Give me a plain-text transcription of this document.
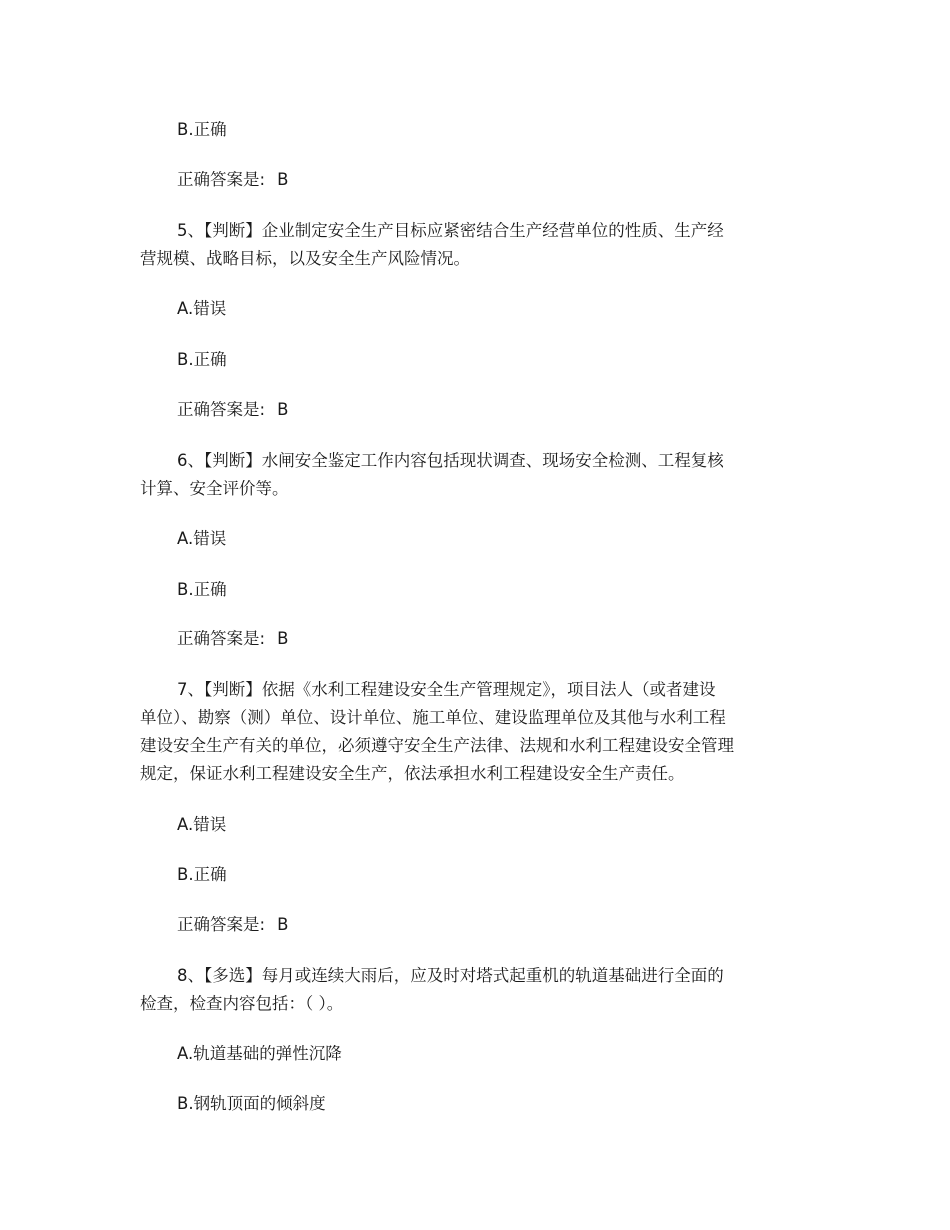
B.正确

正确答案是: B

5、【判断】企业制定安全生产目标应紧密结合生产经营单位的性质、生产经

营规模、战略目标，以及安全生产风险情况。

A.错误

B.正确

正确答案是: B

6、【判断】水闸安全鉴定工作内容包括现状调查、现场安全检测、工程复核

计算、安全评价等。

A.错误

B.正确

正确答案是: B

7、【判断】依据《水利工程建设安全生产管理规定》，项目法人（或者建设

单位）、勘察（测）单位、设计单位、施工单位、建设监理单位及其他与水利工程

建设安全生产有关的单位，必须遵守安全生产法律、法规和水利工程建设安全管理

规定，保证水利工程建设安全生产，依法承担水利工程建设安全生产责任。

A.错误

B.正确

正确答案是: B

8、【多选】每月或连续大雨后，应及时对塔式起重机的轨道基础进行全面的

检查，检查内容包括：（ ）。

A.轨道基础的弹性沉降

B.钢轨顶面的倾斜度
